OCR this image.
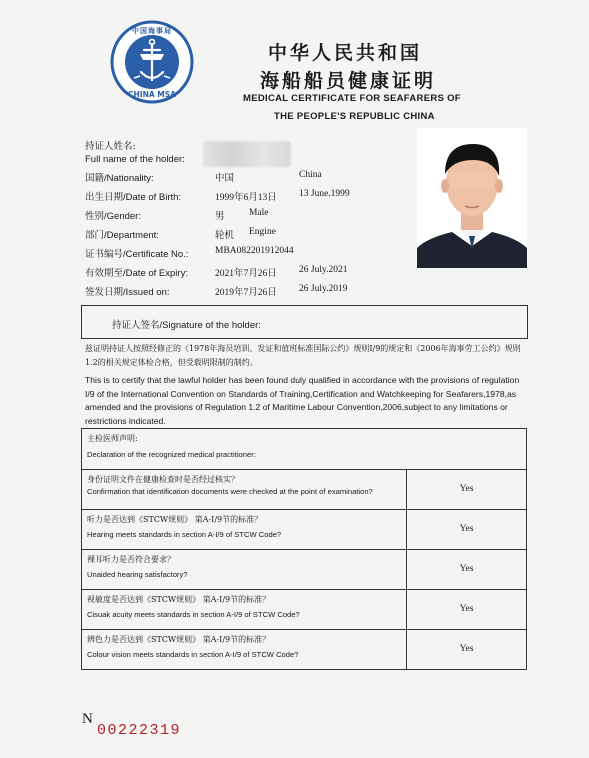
中国海事局
CHINA MSA
中华人民共和国
海船船员健康证明
MEDICAL CERTIFICATE FOR SEAFARERS OF
THE PEOPLE'S REPUBLIC CHINA
持证人姓名:
Full name of the holder:
国籍/Nationality:	中国	China
出生日期/Date of Birth:	1999年6月13日 13 June.1999
性别/Gender:	男	Male
部门/Department:	轮机 Engine
证书编号/Certificate No.:	MBA082201912044
有效期至/Date of Expiry:	2021年7月26日 26 July.2021
签发日期/Issued on:	2019年7月26日 26 July.2019
持证人签名/Signature of the holder:
兹证明持证人按照经修正的《1978年海员培训、发证和值班标准国际公约》规则I/9的规定和《2006年海事劳工公约》规则1.2的相关规定体检合格，但受载明限制的制约。
This is to certify that the lawful holder has been found duly qualified in accordance with the provisions of regulation I/9 of the International Convention on Standards of Training,Certification and Watchkeeping for Seafarers,1978,as amended and the provisions of Regulation 1.2 of Maritime Labour Convention,2006,subject to any limitations or restrictions indicated.
主检医师声明:
Declaration of the recognized medical practitioner:	

身份证明文件在健康检查时是否经过核实？
Confirmation that identification documents were checked at the point of examination?	Yes

听力是否达到《STCW规则》 第A-I/9节的标准？
Hearing meets standards in section A-I/9 of STCW Code?	Yes

裸耳听力是否符合要求？
Unaided hearing satisfactory?	Yes

视敏度是否达到《STCW规则》 第A-I/9节的标准？
Cisuak acuity meets standards in section A-I/9 of STCW Code?	Yes

辨色力是否达到《STCW规则》 第A-I/9节的标准？
Colour vision meets standards in section A-I/9 of STCW Code?	Yes
N
00222319
